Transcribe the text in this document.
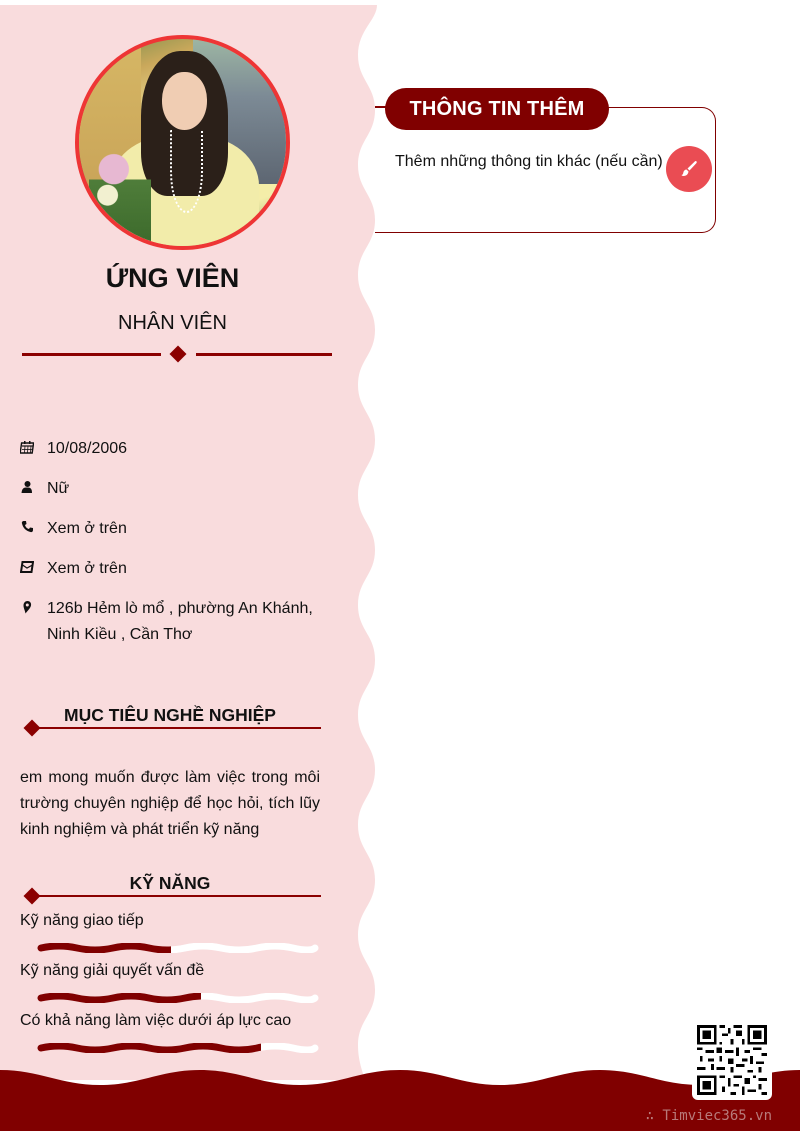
ỨNG VIÊN
NHÂN VIÊN
10/08/2006
Nữ
Xem ở trên
Xem ở trên
126b Hẻm lò mổ , phường An Khánh, Ninh Kiều , Cần Thơ
MỤC TIÊU NGHỀ NGHIỆP
em mong muốn được làm việc trong môi trường chuyên nghiệp để học hỏi, tích lũy kinh nghiệm và phát triển kỹ năng
KỸ NĂNG
Kỹ năng giao tiếp
Kỹ năng giải quyết vấn đề
Có khả năng làm việc dưới áp lực cao
THÔNG TIN THÊM
Thêm những thông tin khác (nếu cần)
∴ Timviec365.vn
